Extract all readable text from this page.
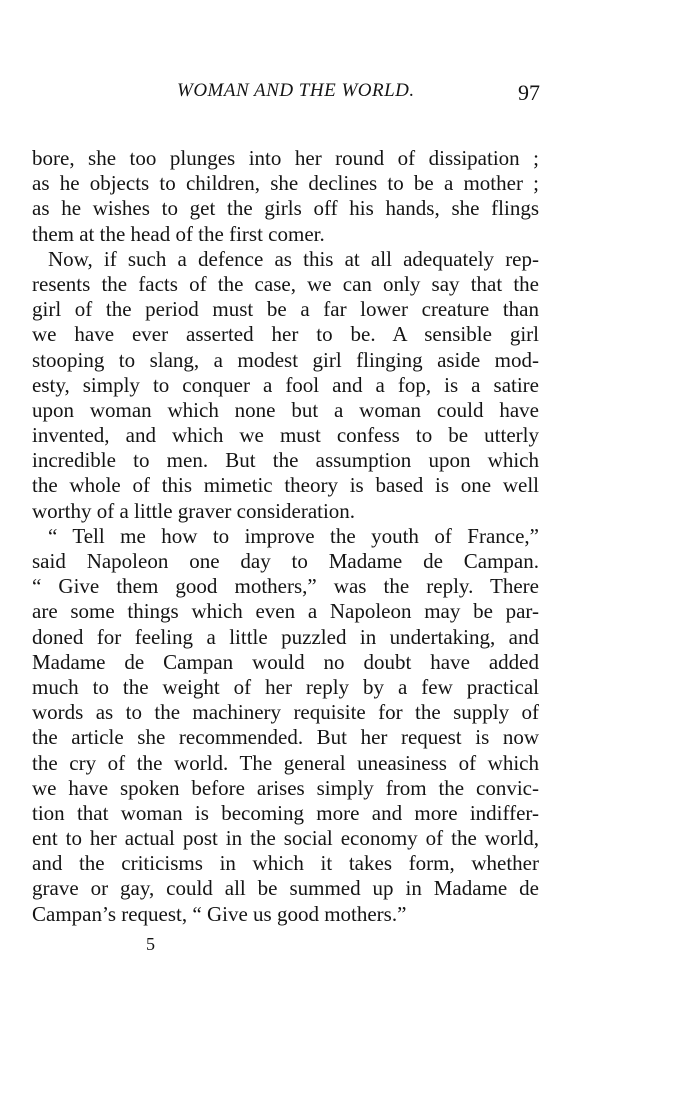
WOMAN AND THE WORLD.	97
bore, she too plunges into her round of dissipation ;
as he objects to children, she declines to be a mother ;
as he wishes to get the girls off his hands, she flings
them at the head of the first comer.
Now, if such a defence as this at all adequately rep-
resents the facts of the case, we can only say that the
girl of the period must be a far lower creature than
we have ever asserted her to be. A sensible girl
stooping to slang, a modest girl flinging aside mod-
esty, simply to conquer a fool and a fop, is a satire
upon woman which none but a woman could have
invented, and which we must confess to be utterly
incredible to men. But the assumption upon which
the whole of this mimetic theory is based is one well
worthy of a little graver consideration.
“ Tell me how to improve the youth of France,”
said Napoleon one day to Madame de Campan.
“ Give them good mothers,” was the reply. There
are some things which even a Napoleon may be par-
doned for feeling a little puzzled in undertaking, and
Madame de Campan would no doubt have added
much to the weight of her reply by a few practical
words as to the machinery requisite for the supply of
the article she recommended. But her request is now
the cry of the world. The general uneasiness of which
we have spoken before arises simply from the convic-
tion that woman is becoming more and more indiffer-
ent to her actual post in the social economy of the world,
and the criticisms in which it takes form, whether
grave or gay, could all be summed up in Madame de
Campan’s request, “ Give us good mothers.”
5
